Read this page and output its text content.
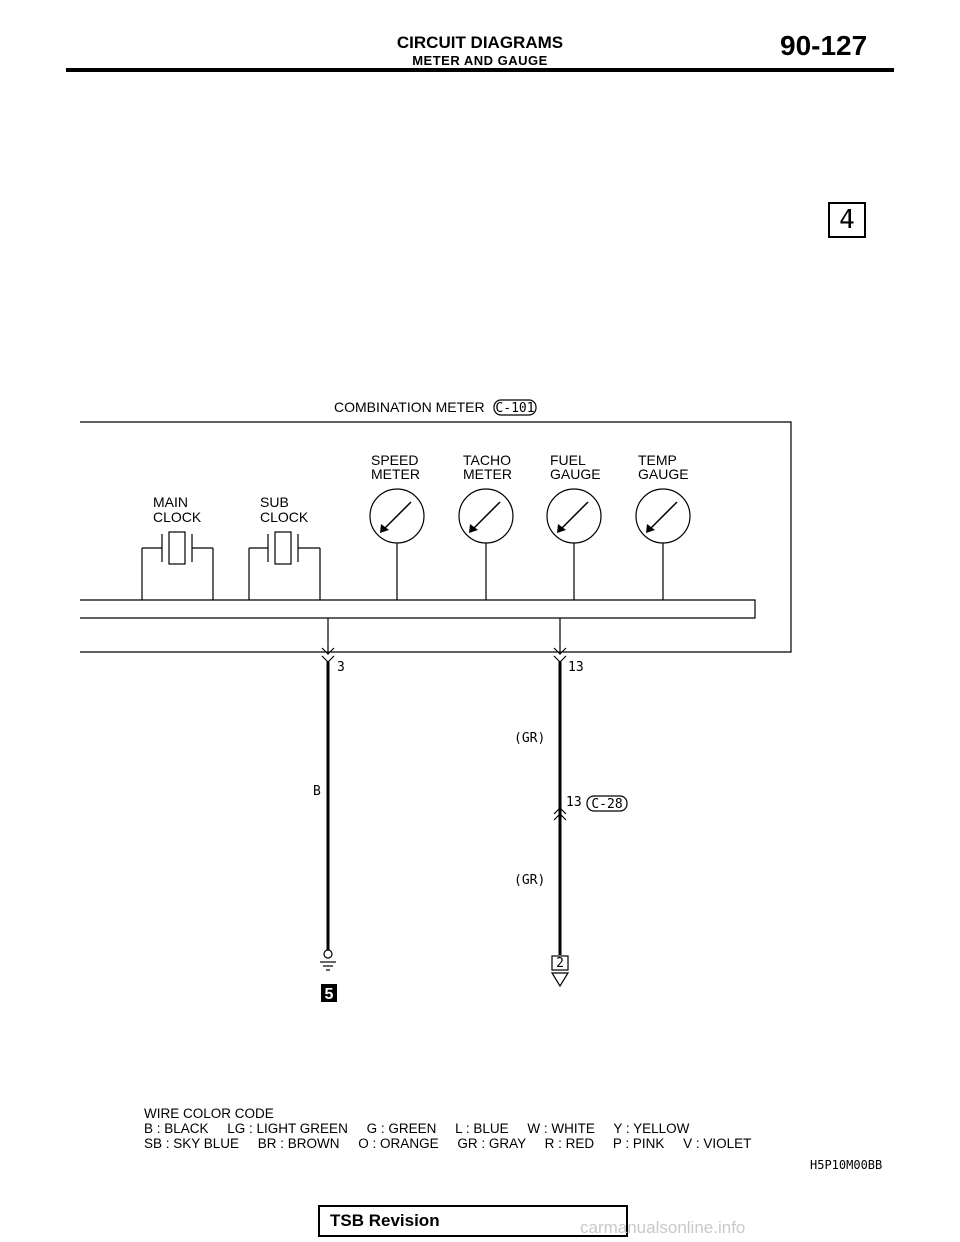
CIRCUIT DIAGRAMS
METER AND GAUGE	90-127
4
COMBINATION METER C-101
MAIN
CLOCK
SUB
CLOCK
SPEED
METER
TACHO
METER
FUEL
GAUGE
TEMP
GAUGE
3
B
5
13
(GR)
13 C-28
(GR)
2
WIRE COLOR CODE
B : BLACK     LG : LIGHT GREEN     G : GREEN     L : BLUE     W : WHITE     Y : YELLOW
SB : SKY BLUE     BR : BROWN     O : ORANGE     GR : GRAY     R : RED     P : PINK     V : VIOLET
H5P10M00BB
TSB Revision	carmanualsonline.info
